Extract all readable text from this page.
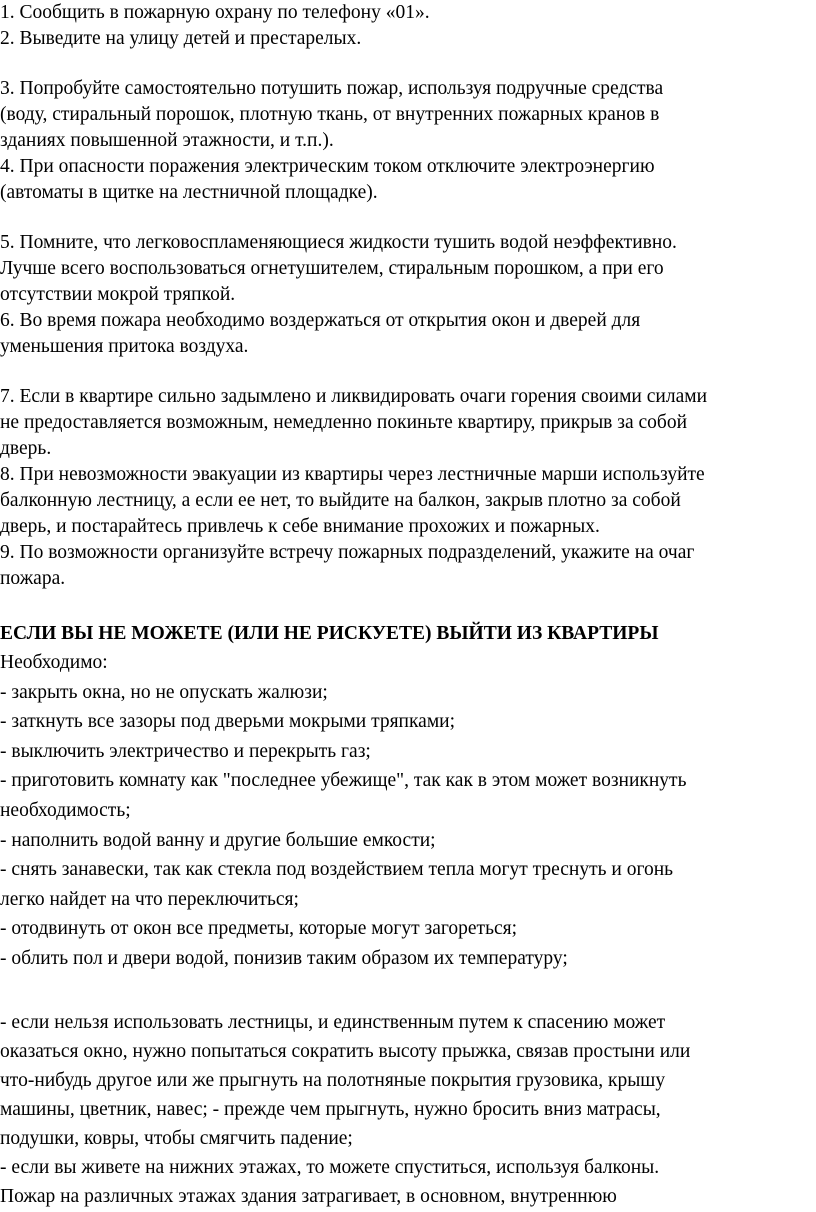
1. Сообщить в пожарную охрану по телефону «01».
2. Выведите на улицу детей и престарелых.
3. Попробуйте самостоятельно потушить пожар, используя подручные средства
(воду, стиральный порошок, плотную ткань, от внутренних пожарных кранов в
зданиях повышенной этажности, и т.п.).
4. При опасности поражения электрическим током отключите электроэнергию
(автоматы в щитке на лестничной площадке).
5. Помните, что легковоспламеняющиеся жидкости тушить водой неэффективно.
Лучше всего воспользоваться огнетушителем, стиральным порошком, а при его
отсутствии мокрой тряпкой.
6. Во время пожара необходимо воздержаться от открытия окон и дверей для
уменьшения притока воздуха.
7. Если в квартире сильно задымлено и ликвидировать очаги горения своими силами
не предоставляется возможным, немедленно покиньте квартиру, прикрыв за собой
дверь.
8. При невозможности эвакуации из квартиры через лестничные марши используйте
балконную лестницу, а если ее нет, то выйдите на балкон, закрыв плотно за собой
дверь, и постарайтесь привлечь к себе внимание прохожих и пожарных.
9. По возможности организуйте встречу пожарных подразделений, укажите на очаг
пожара.
ЕСЛИ ВЫ НЕ МОЖЕТЕ (ИЛИ НЕ РИСКУЕТЕ) ВЫЙТИ ИЗ КВАРТИРЫ
Необходимо:
- закрыть окна, но не опускать жалюзи;
- заткнуть все зазоры под дверьми мокрыми тряпками;
- выключить электричество и перекрыть газ;
- приготовить комнату как "последнее убежище", так как в этом может возникнуть
необходимость;
- наполнить водой ванну и другие большие емкости;
- снять занавески, так как стекла под воздействием тепла могут треснуть и огонь
легко найдет на что переключиться;
- отодвинуть от окон все предметы, которые могут загореться;
- облить пол и двери водой, понизив таким образом их температуру;
- если нельзя использовать лестницы, и единственным путем к спасению может
оказаться окно, нужно попытаться сократить высоту прыжка, связав простыни или
что-нибудь другое или же прыгнуть на полотняные покрытия грузовика, крышу
машины, цветник, навес; - прежде чем прыгнуть, нужно бросить вниз матрасы,
подушки, ковры, чтобы смягчить падение;
- если вы живете на нижних этажах, то можете спуститься, используя балконы.
Пожар на различных этажах здания затрагивает, в основном, внутреннюю
